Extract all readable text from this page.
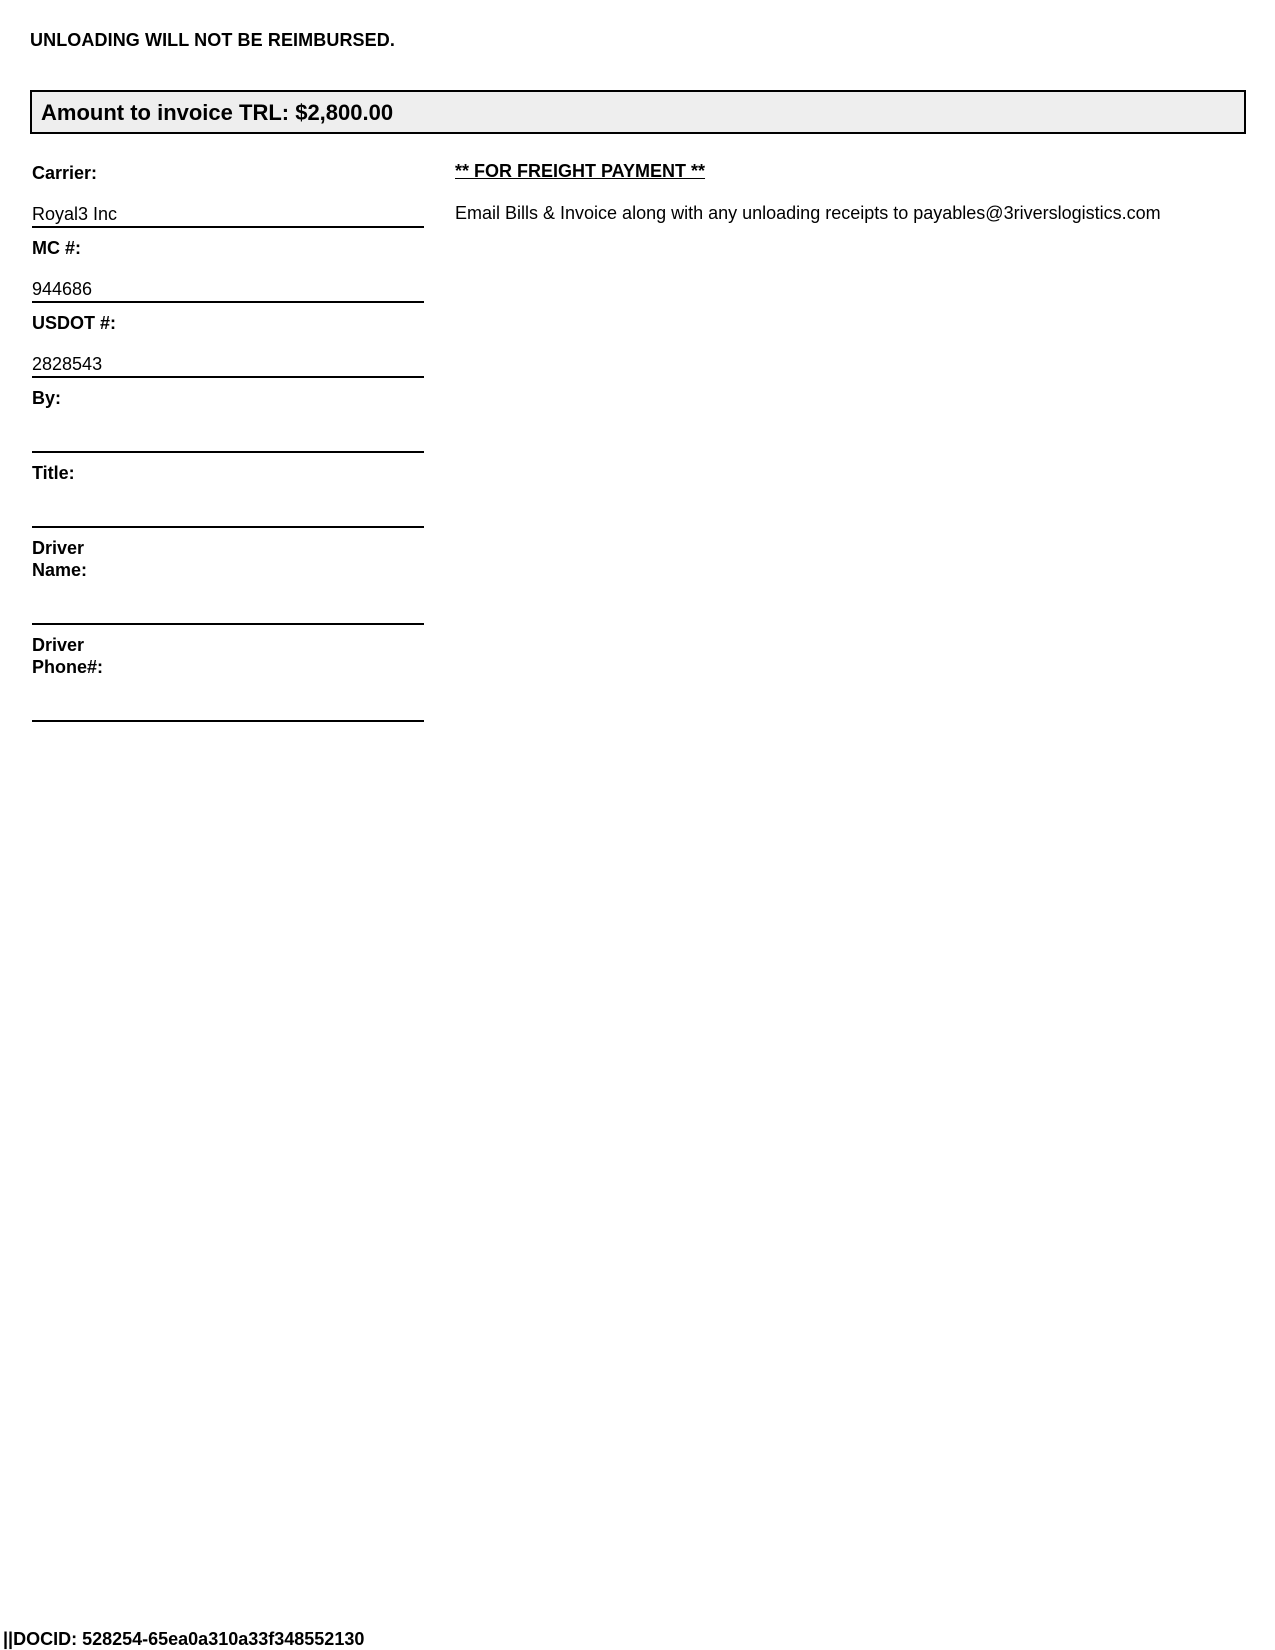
UNLOADING WILL NOT BE REIMBURSED.
Amount to invoice TRL: $2,800.00
Carrier:
Royal3 Inc
MC #:
944686
USDOT #:
2828543
By:
Title:
Driver
Name:
Driver
Phone#:
** FOR FREIGHT PAYMENT **
Email Bills & Invoice along with any unloading receipts to payables@3riverslogistics.com
||DOCID: 528254-65ea0a310a33f348552130
